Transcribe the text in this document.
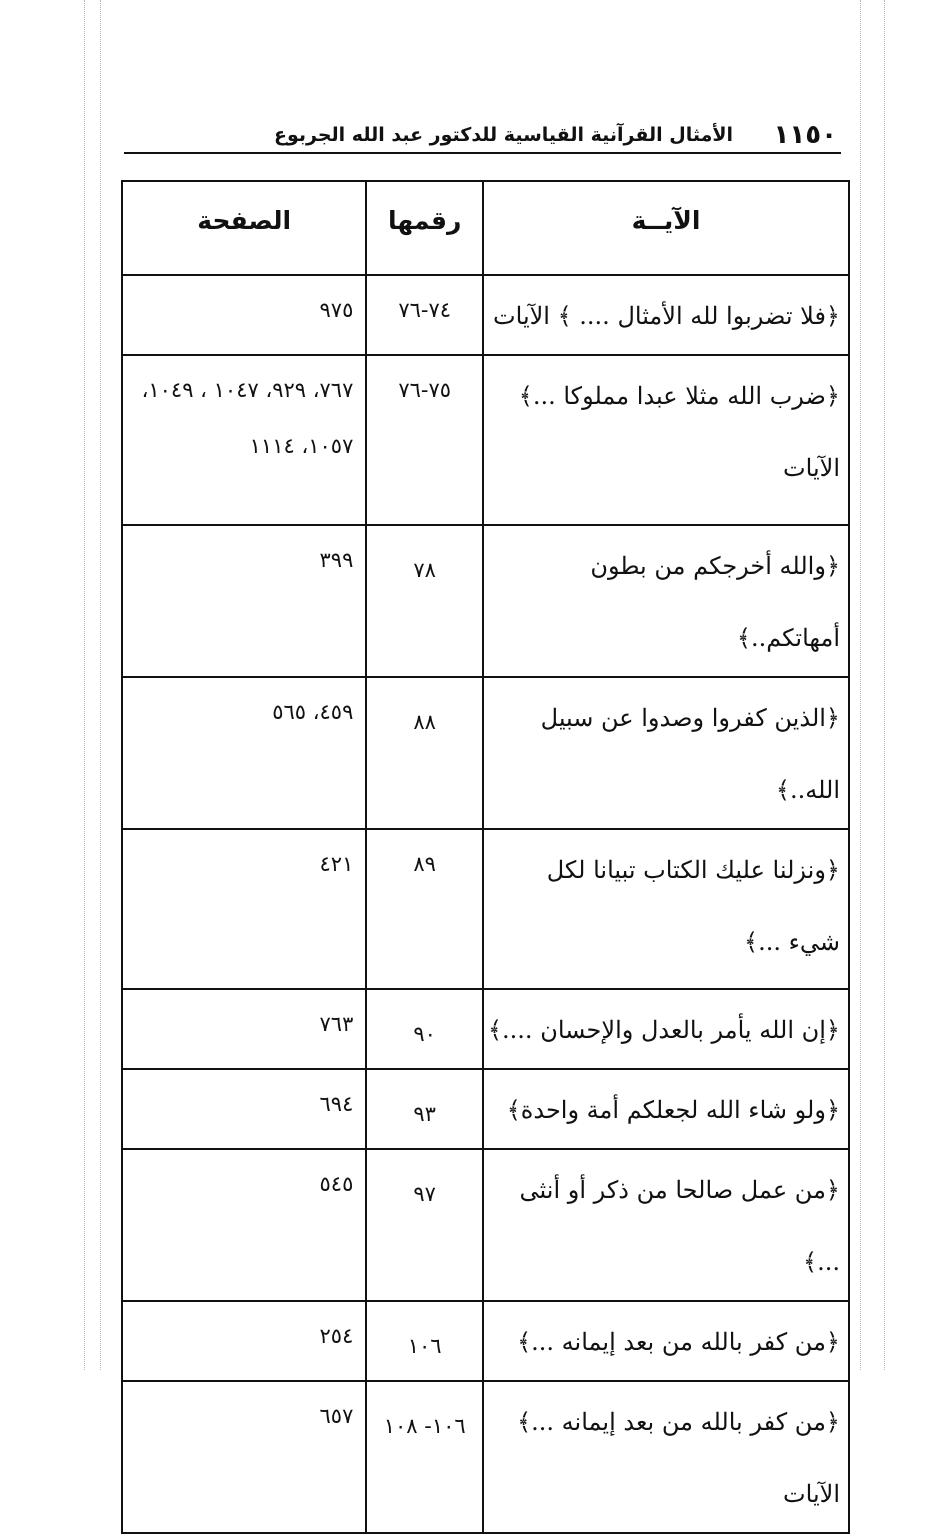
١١٥٠
الأمثال القرآنية القياسية للدكتور عبد الله الجربوع
الآيــة	رقمها	الصفحة
﴿فلا تضربوا لله الأمثال .... ﴾ الآيات	٧٤-٧٦	٩٧٥
﴿ضرب الله مثلا عبدا مملوكا ...﴾ الآيات	٧٥-٧٦	٧٦٧، ٩٢٩، ١٠٤٧ ، ١٠٤٩، ١٠٥٧، ١١١٤
﴿والله أخرجكم من بطون أمهاتكم..﴾	٧٨	٣٩٩
﴿الذين كفروا وصدوا عن سبيل الله..﴾	٨٨	٤٥٩، ٥٦٥
﴿ونزلنا عليك الكتاب تبيانا لكل شيء ...﴾	٨٩	٤٢١
﴿إن الله يأمر بالعدل والإحسان ....﴾	٩٠	٧٦٣
﴿ولو شاء الله لجعلكم أمة واحدة﴾	٩٣	٦٩٤
﴿من عمل صالحا من ذكر أو أنثى ...﴾	٩٧	٥٤٥
﴿من كفر بالله من بعد إيمانه ...﴾	١٠٦	٢٥٤
﴿من كفر بالله من بعد إيمانه ...﴾ الآيات	١٠٦- ١٠٨	٦٥٧
